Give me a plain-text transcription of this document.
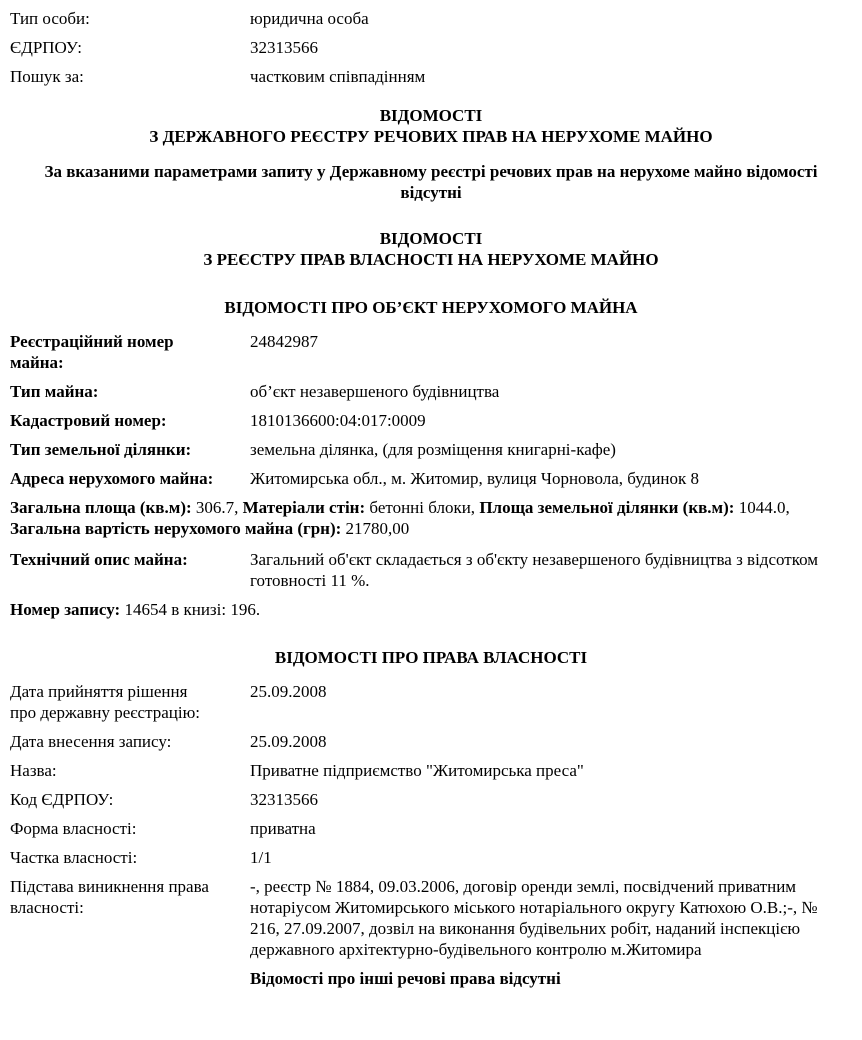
Тип особи:	юридична особа
ЄДРПОУ:	32313566
Пошук за:	частковим співпадінням
ВІДОМОСТІ
З ДЕРЖАВНОГО РЕЄСТРУ РЕЧОВИХ ПРАВ НА НЕРУХОМЕ МАЙНО
За вказаними параметрами запиту у Державному реєстрі речових прав на нерухоме майно відомості відсутні
ВІДОМОСТІ
З РЕЄСТРУ ПРАВ ВЛАСНОСТІ НА НЕРУХОМЕ МАЙНО
ВІДОМОСТІ ПРО ОБ’ЄКТ НЕРУХОМОГО МАЙНА
Реєстраційний номер майна:
24842987
Тип майна:	об’єкт незавершеного будівництва
Кадастровий номер:	1810136600:04:017:0009
Тип земельної ділянки:	земельна ділянка, (для розміщення книгарні-кафе)
Адреса нерухомого майна:	Житомирська обл., м. Житомир, вулиця Чорновола, будинок 8
Загальна площа (кв.м): 306.7, Матеріали стін: бетонні блоки, Площа земельної ділянки (кв.м): 1044.0, Загальна вартість нерухомого майна (грн): 21780,00
Технічний опис майна:	Загальний об'єкт складається з об'єкту незавершеного будівництва з відсотком готовності 11 %.
Номер запису: 14654 в книзі: 196.
ВІДОМОСТІ ПРО ПРАВА ВЛАСНОСТІ
Дата прийняття рішення про державну реєстрацію:
25.09.2008
Дата внесення запису:	25.09.2008
Назва:	Приватне підприємство "Житомирська преса"
Код ЄДРПОУ:	32313566
Форма власності:	приватна
Частка власності:	1/1
Підстава виникнення права власності:
-, реєстр № 1884, 09.03.2006, договір оренди землі, посвідчений приватним нотаріусом Житомирського міського нотаріального округу Катюхою О.В.;-, № 216, 27.09.2007, дозвіл на виконання будівельних робіт, наданий інспекцією державного архітектурно-будівельного контролю м.Житомира
Відомості про інші речові права відсутні
